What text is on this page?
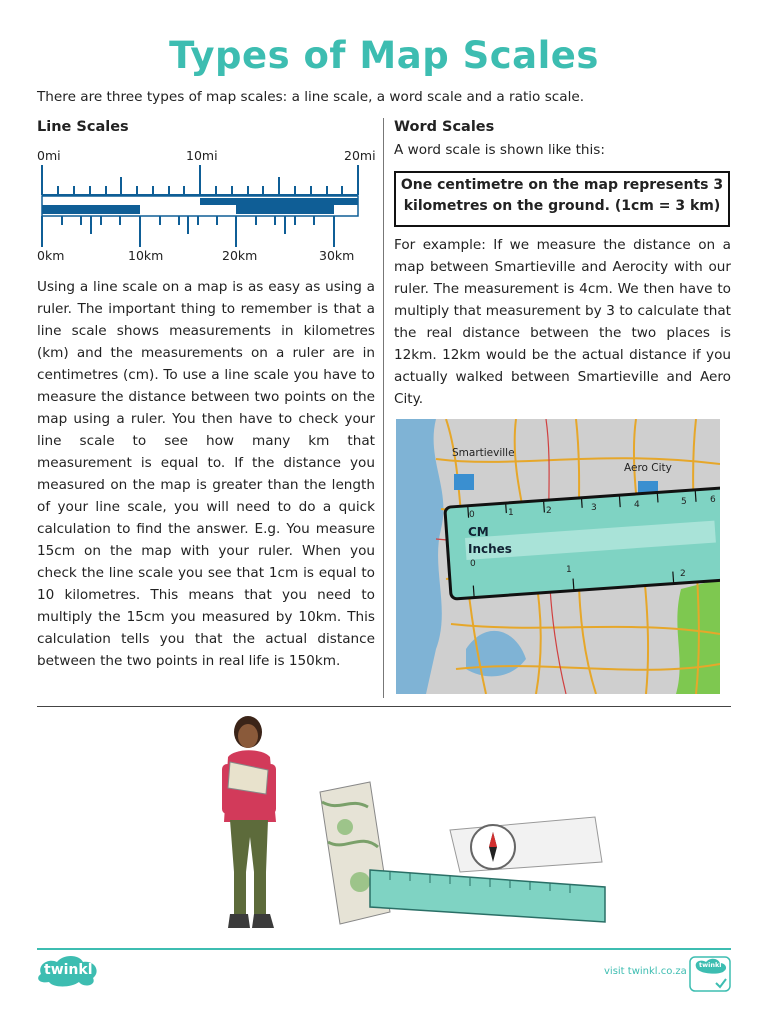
Types of Map Scales
There are three types of map scales: a line scale, a word scale and a ratio scale.
Line Scales
0mi	10mi	20mi
0km	10km	20km	30km
Using a line scale on a map is as easy as using a ruler. The important thing to remember is that a line scale shows measurements in kilometres (km) and the measurements on a ruler are in centimetres (cm). To use a line scale you have to measure the distance between two points on the map using a ruler. You then have to check your line scale to see how many km that measurement is equal to. If the distance you measured on the map is greater than the length of your line scale, you will need to do a quick calculation to find the answer. E.g. You measure 15cm on the map with your ruler. When you check the line scale you see that 1cm is equal to 10 kilometres. This means that you need to multiply the 15cm you measured by 10km. This calculation tells you that the actual distance between the two points in real life is 150km.
Word Scales
A word scale is shown like this:
One centimetre on the map represents 3 kilometres on the ground. (1cm = 3 km)
For example: If we measure the distance on a map between Smartieville and Aerocity with our ruler. The measurement is 4cm. We then have to multiply that measurement by 3 to calculate that the real distance between the two places is 12km. 12km would be the actual distance if you actually walked between Smartieville and Aero City.
Smartieville
Aero City
CM
Inches
0	1	2	3	4	5	6
0
1	2
twinkl	visit twinkl.co.za
twinkl
